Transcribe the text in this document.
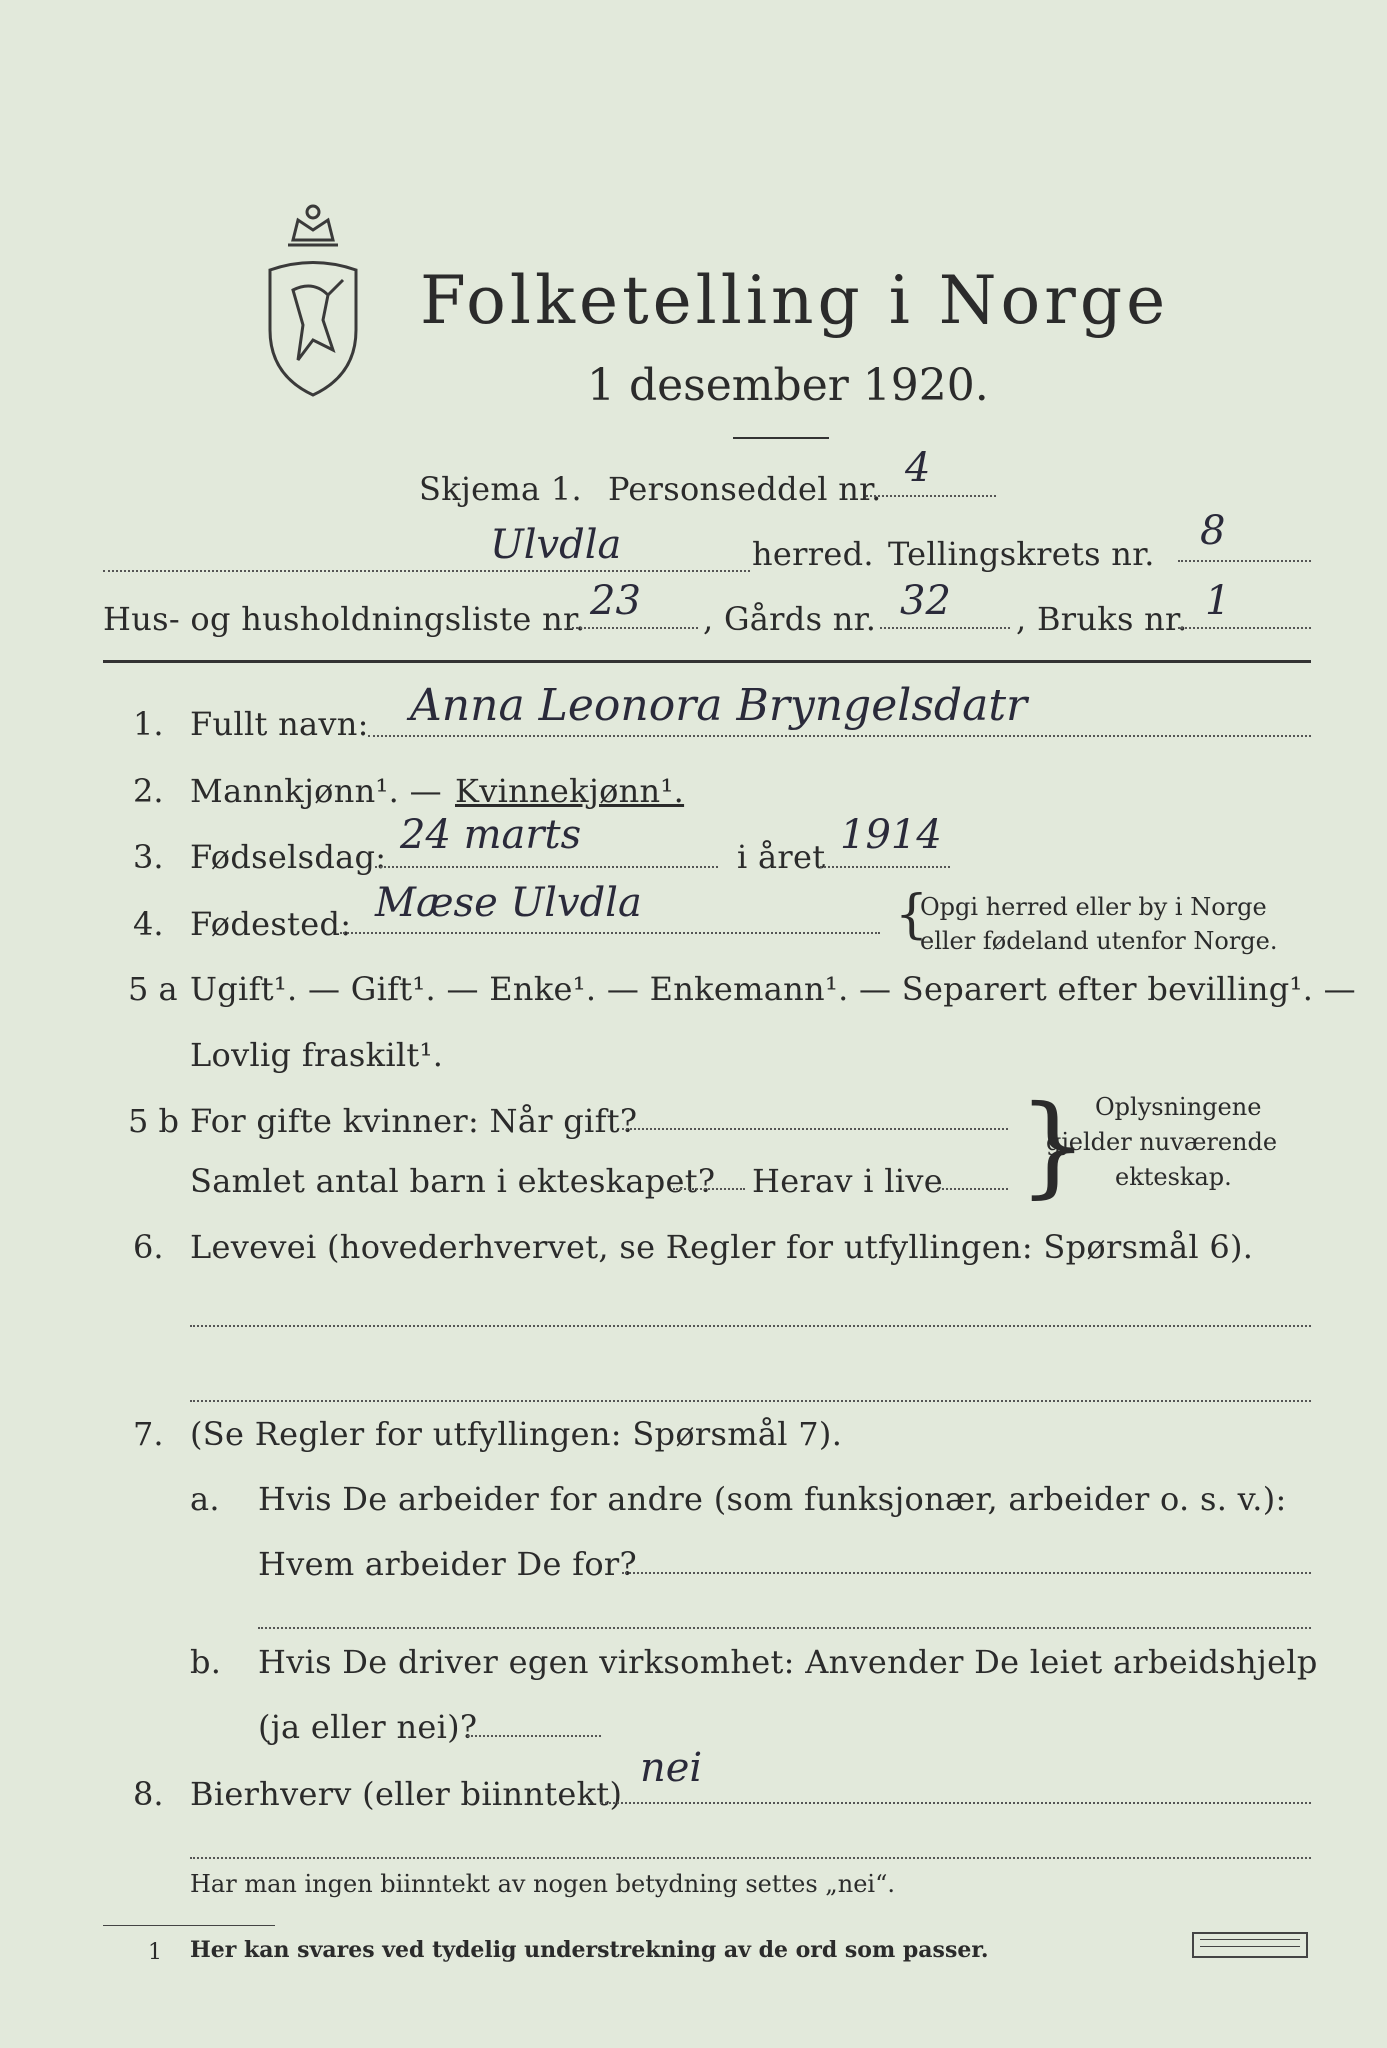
Folketelling i Norge
1 desember 1920.
Skjema 1. Personseddel nr. 4
Ulvdla	herred. Tellingskrets nr. 8
Hus- og husholdningsliste nr. 23 , Gårds nr. 32 , Bruks nr. 1
1. Fullt navn: Anna Leonora Bryngelsdatr
2. Mannkjønn¹. — Kvinnekjønn¹.
3. Fødselsdag: 24 marts	i året 1914
4. Fødested: Mæse Ulvdla	{
Opgi herred eller by i Norge
eller fødeland utenfor Norge.
5 a Ugift¹. — Gift¹. — Enke¹. — Enkemann¹. — Separert efter bevilling¹. —
Lovlig fraskilt¹.
5 b For gifte kvinner: Når gift?
Samlet antal barn i ekteskapet? Herav i live } Oplysningene
gjelder nuværende
ekteskap.
6. Levevei (hovederhvervet, se Regler for utfyllingen: Spørsmål 6).
7. (Se Regler for utfyllingen: Spørsmål 7).
a. Hvis De arbeider for andre (som funksjonær, arbeider o. s. v.):
Hvem arbeider De for?
b. Hvis De driver egen virksomhet: Anvender De leiet arbeidshjelp
(ja eller nei)?
8. Bierhverv (eller biinntekt)
nei
Har man ingen biinntekt av nogen betydning settes „nei“.
1 Her kan svares ved tydelig understrekning av de ord som passer.
